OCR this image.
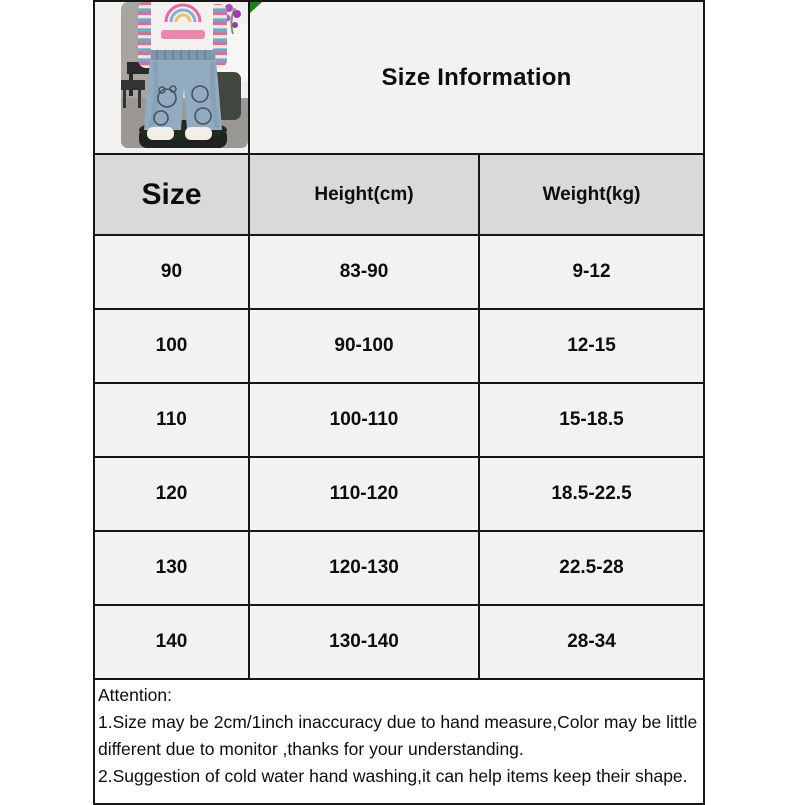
Size Information
Size	Height(cm)	Weight(kg)
90	83-90	9-12
100	90-100	12-15
110	100-110	15-18.5
120	110-120	18.5-22.5
130	120-130	22.5-28
140	130-140	28-34
Attention:
1.Size may be 2cm/1inch inaccuracy due to hand measure,Color may be little
different due to monitor ,thanks for your understanding.
2.Suggestion of cold water hand washing,it can help items keep their shape.
